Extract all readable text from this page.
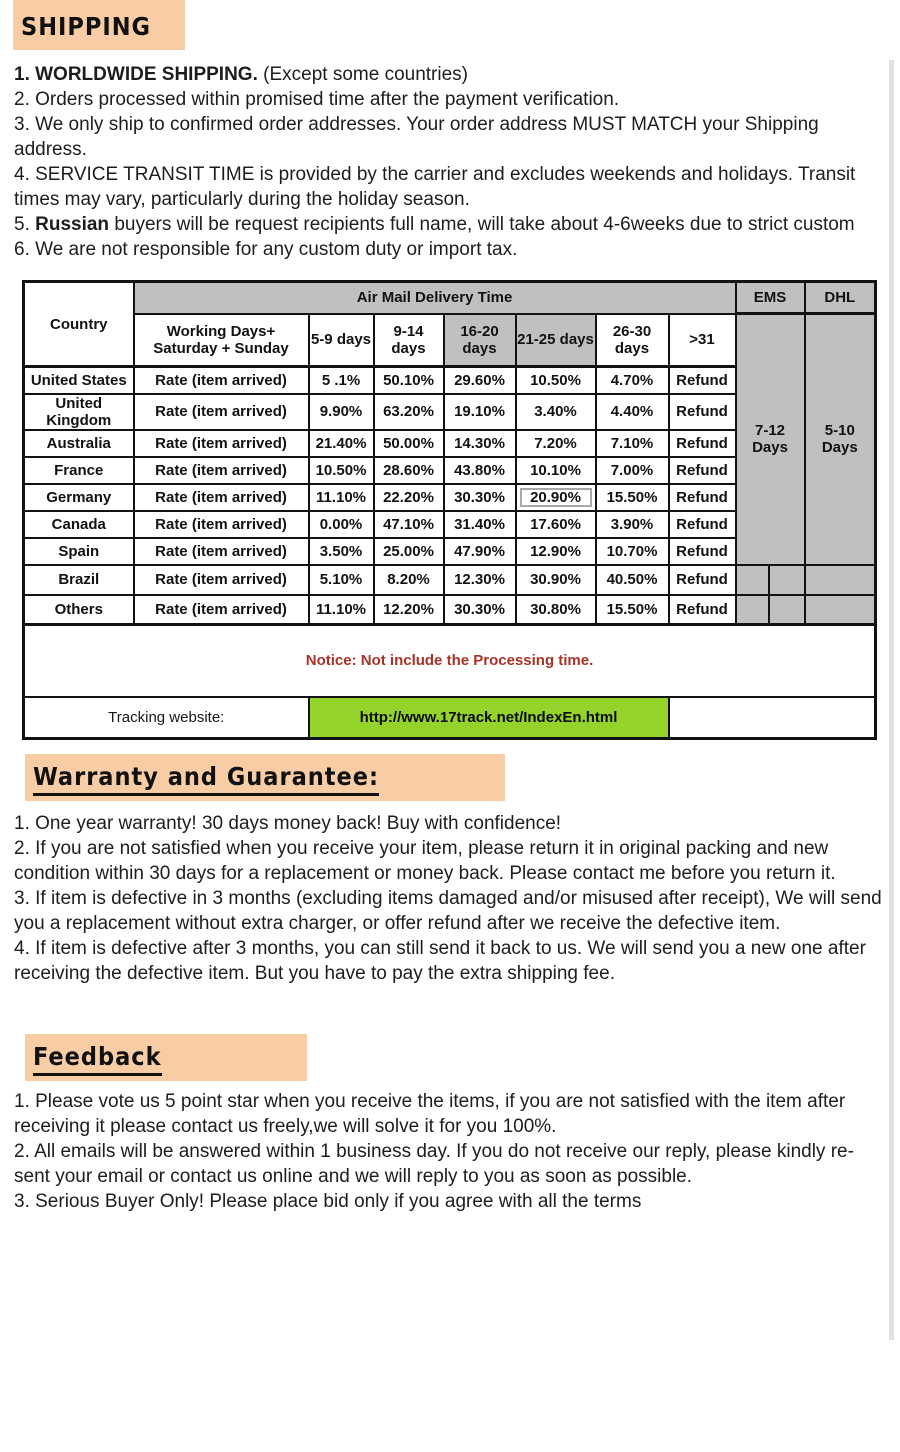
SHIPPING

1. WORLDWIDE SHIPPING. (Except some countries)

2. Orders processed within promised time after the payment verification.

3. We only ship to confirmed order addresses. Your order address MUST MATCH your Shipping address.

4. SERVICE TRANSIT TIME is provided by the carrier and excludes weekends and holidays. Transit times may vary, particularly during the holiday season.

5. Russian buyers will be request recipients full name, will take about 4-6weeks due to strict custom

6. We are not responsible for any custom duty or import tax.

Country	Air Mail Delivery Time							EMS		DHL
	Working Days+ Saturday + Sunday	5-9 days	9-14 days	16-20 days	21-25 days	26-30 days	>31	7-12 Days		5-10 Days
United States	Rate (item arrived)	5 .1%	50.10%	29.60%	10.50%	4.70%	Refund			
United Kingdom	Rate (item arrived)	9.90%	63.20%	19.10%	3.40%	4.40%	Refund			
Australia	Rate (item arrived)	21.40%	50.00%	14.30%	7.20%	7.10%	Refund			
France	Rate (item arrived)	10.50%	28.60%	43.80%	10.10%	7.00%	Refund			
Germany	Rate (item arrived)	11.10%	22.20%	30.30%	20.90%	15.50%	Refund			
Canada	Rate (item arrived)	0.00%	47.10%	31.40%	17.60%	3.90%	Refund			
Spain	Rate (item arrived)	3.50%	25.00%	47.90%	12.90%	10.70%	Refund			
Brazil	Rate (item arrived)	5.10%	8.20%	12.30%	30.90%	40.50%	Refund			
Others	Rate (item arrived)	11.10%	12.20%	30.30%	30.80%	15.50%	Refund			
Notice: Not include the Processing time.										
Tracking website:		http://www.17track.net/IndexEn.html								
Warranty and Guarantee:

1. One year warranty! 30 days money back! Buy with confidence!

2. If you are not satisfied when you receive your item, please return it in original packing and new condition within 30 days for a replacement or money back. Please contact me before you return it.

3. If item is defective in 3 months (excluding items damaged and/or misused after receipt), We will send you a replacement without extra charger, or offer refund after we receive the defective item.

4. If item is defective after 3 months, you can still send it back to us. We will send you a new one after receiving the defective item. But you have to pay the extra shipping fee.

Feedback

1. Please vote us 5 point star when you receive the items, if you are not satisfied with the item after receiving it please contact us freely,we will solve it for you 100%.

2. All emails will be answered within 1 business day. If you do not receive our reply, please kindly re-sent your email or contact us online and we will reply to you as soon as possible.

3. Serious Buyer Only! Please place bid only if you agree with all the terms
